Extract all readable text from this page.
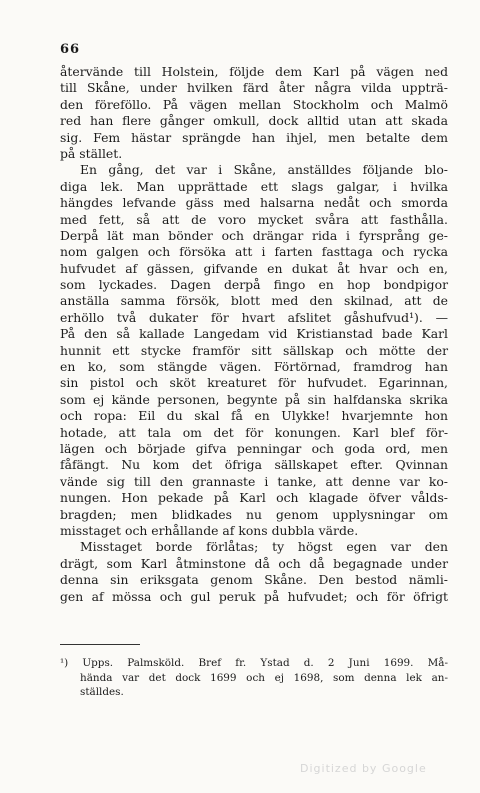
66
återvände till Holstein, följde dem Karl på vägen ned
till Skåne, under hvilken färd åter några vilda uppträ-
den föreföllo. På vägen mellan Stockholm och Malmö
red han flere gånger omkull, dock alltid utan att skada
sig. Fem hästar sprängde han ihjel, men betalte dem
på stället.
En gång, det var i Skåne, anställdes följande blo-
diga lek. Man upprättade ett slags galgar, i hvilka
hängdes lefvande gäss med halsarna nedåt och smorda
med fett, så att de voro mycket svåra att fasthålla.
Derpå lät man bönder och drängar rida i fyrsprång ge-
nom galgen och försöka att i farten fasttaga och rycka
hufvudet af gässen, gifvande en dukat åt hvar och en,
som lyckades. Dagen derpå fingo en hop bondpigor
anställa samma försök, blott med den skilnad, att de
erhöllo två dukater för hvart afslitet gåshufvud¹). —
På den så kallade Langedam vid Kristianstad bade Karl
hunnit ett stycke framför sitt sällskap och mötte der
en ko, som stängde vägen. Förtörnad, framdrog han
sin pistol och sköt kreaturet för hufvudet. Egarinnan,
som ej kände personen, begynte på sin halfdanska skrika
och ropa: Eil du skal få en Ulykke! hvarjemnte hon
hotade, att tala om det för konungen. Karl blef för-
lägen och började gifva penningar och goda ord, men
fåfängt. Nu kom det öfriga sällskapet efter. Qvinnan
vände sig till den grannaste i tanke, att denne var ko-
nungen. Hon pekade på Karl och klagade öfver vålds-
bragden; men blidkades nu genom upplysningar om
misstaget och erhållande af kons dubbla värde.
Misstaget borde förlåtas; ty högst egen var den
drägt, som Karl åtminstone då och då begagnade under
denna sin eriksgata genom Skåne. Den bestod nämli-
gen af mössa och gul peruk på hufvudet; och för öfrigt
¹) Upps. Palmsköld. Bref fr. Ystad d. 2 Juni 1699. Må-
hända var det dock 1699 och ej 1698, som denna lek an-
ställdes.
Digitized by Google
